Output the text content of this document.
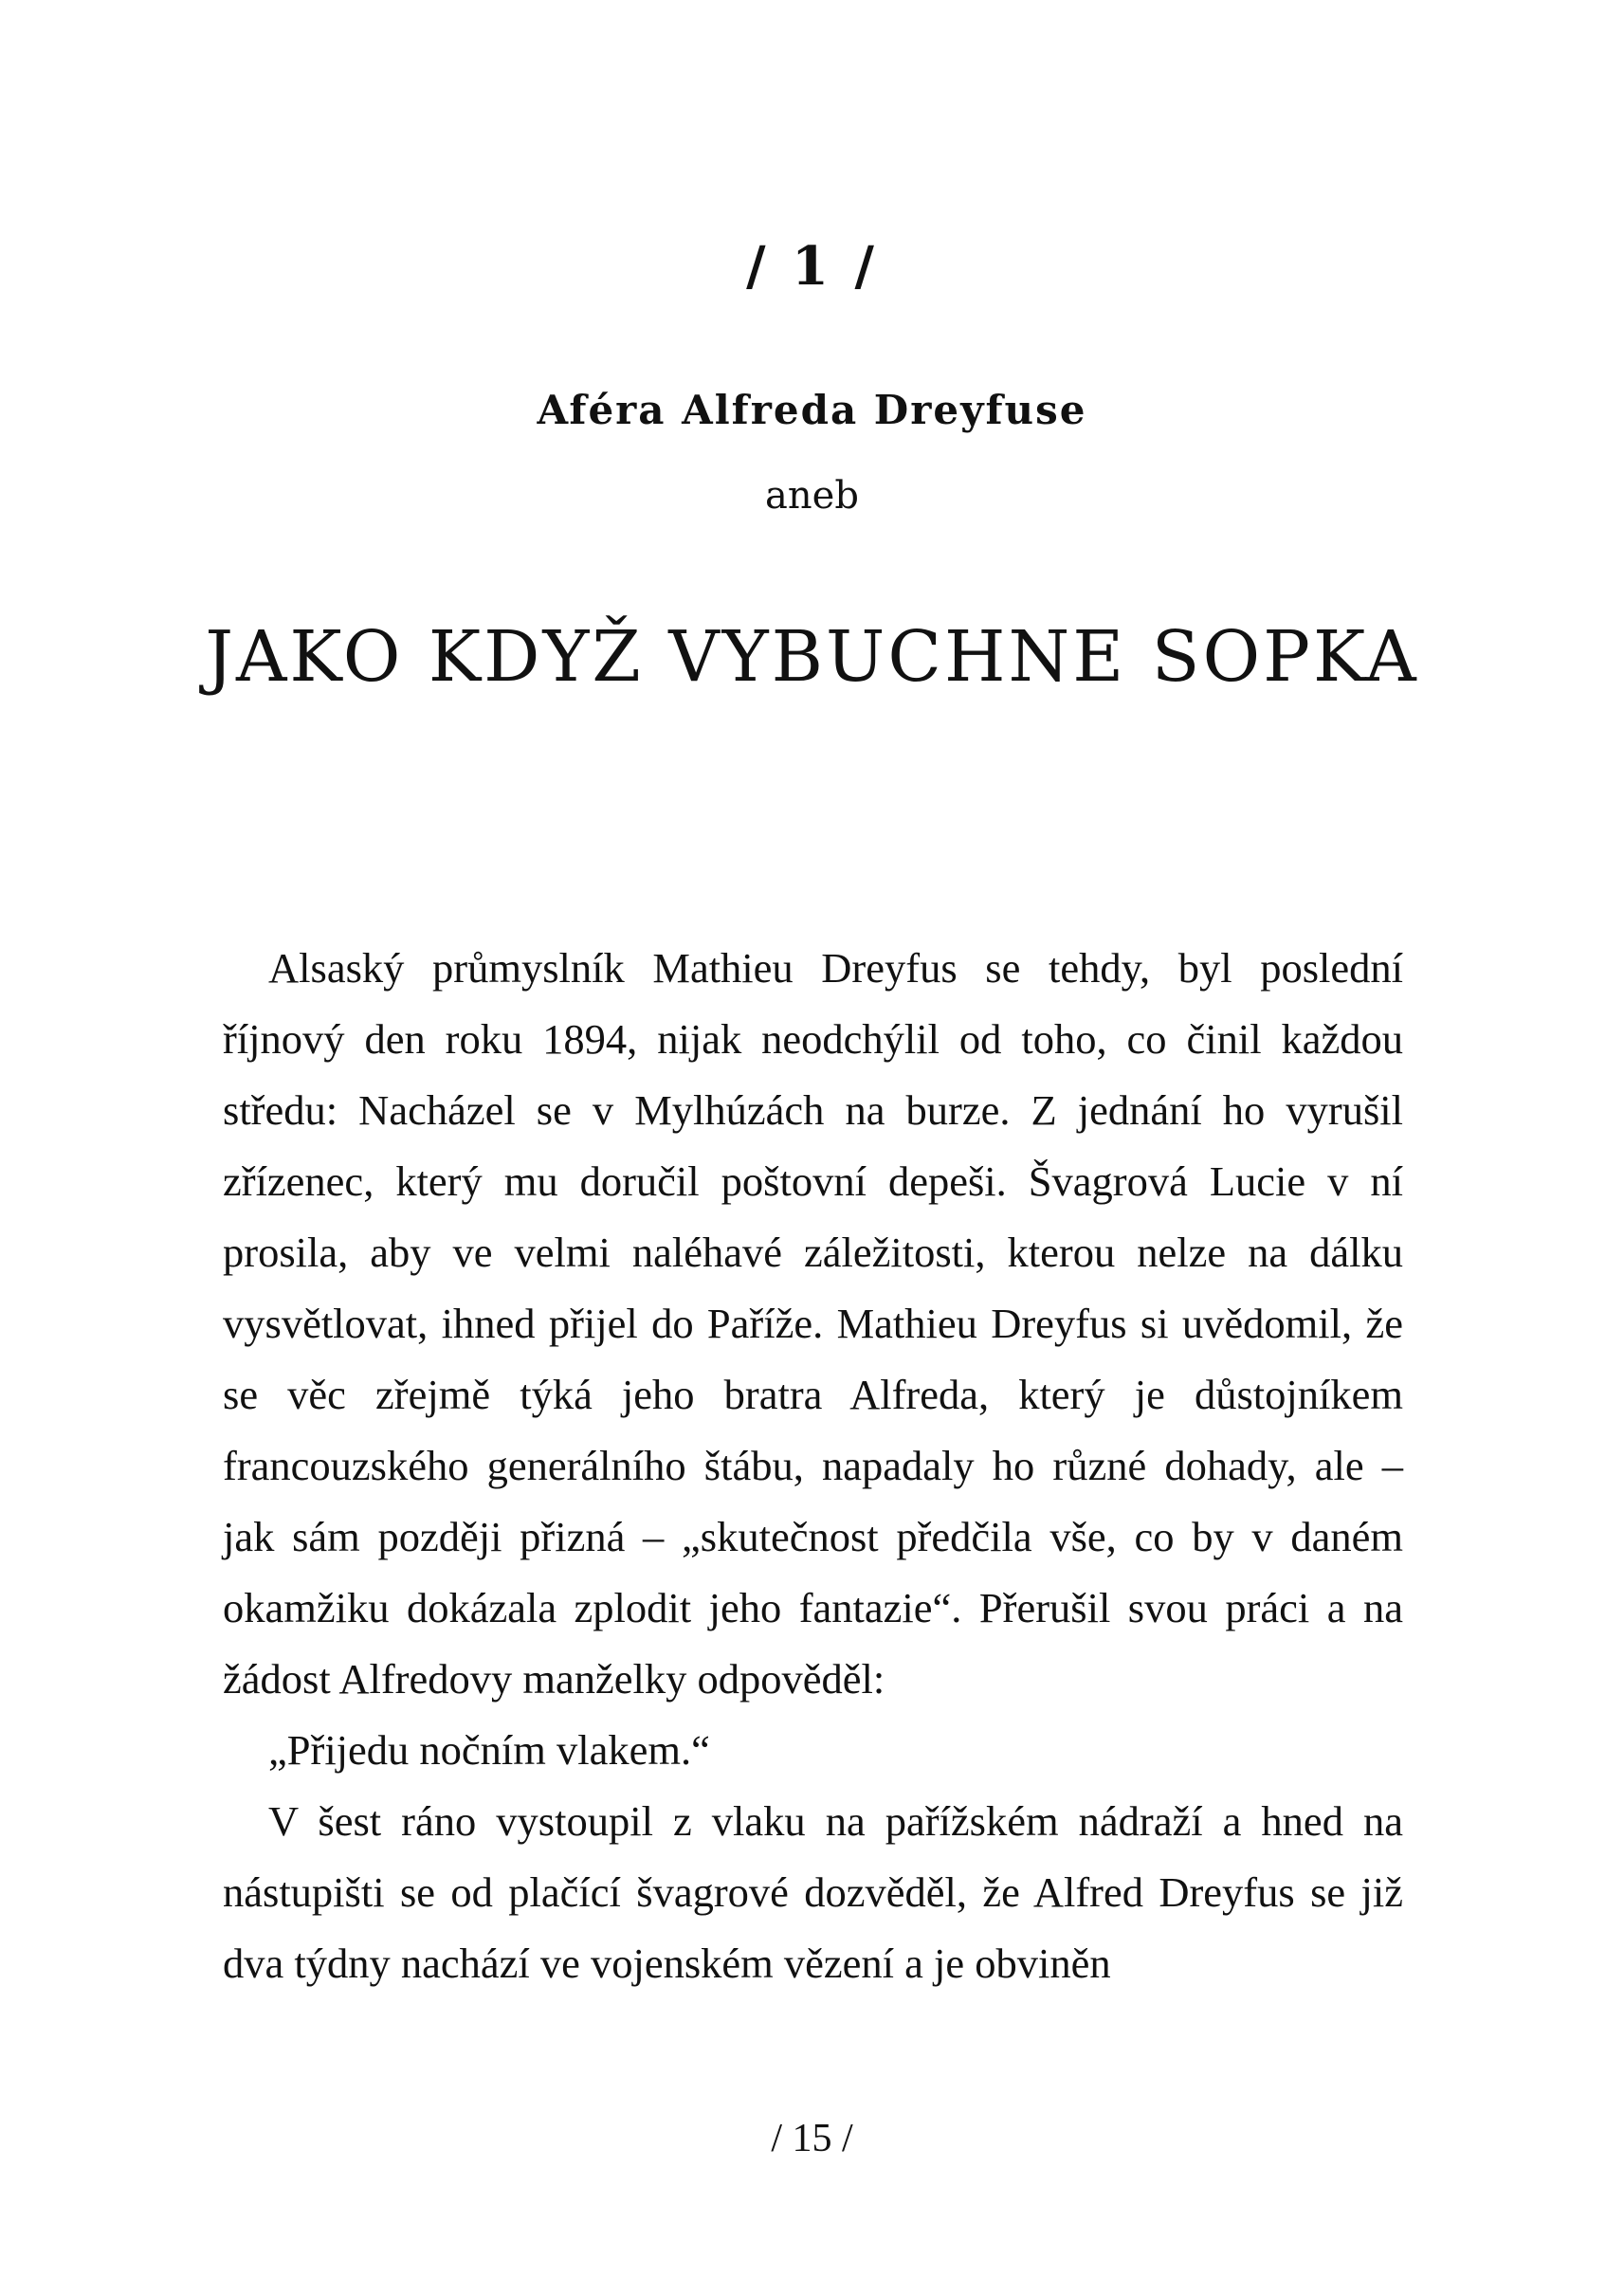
/ 1 /
Aféra Alfreda Dreyfuse
aneb
JAKO KDYŽ VYBUCHNE SOPKA

Alsaský průmyslník Mathieu Dreyfus se tehdy, byl poslední říjnový den roku 1894, nijak neodchýlil od toho, co činil každou středu: Nacházel se v Mylhúzách na burze. Z jednání ho vyrušil zřízenec, který mu doručil poštovní depeši. Švagrová Lucie v ní prosila, aby ve velmi naléhavé záležitosti, kterou nelze na dálku vysvětlovat, ihned přijel do Paříže. Mathieu Dreyfus si uvědomil, že se věc zřejmě týká jeho bratra Alfreda, který je důstojníkem francouzského generálního štábu, napadaly ho různé dohady, ale – jak sám později přizná – „skutečnost předčila vše, co by v daném okamžiku dokázala zplodit jeho fantazie“. Přerušil svou práci a na žádost Alfredovy manželky odpověděl:

„Přijedu nočním vlakem.“

V šest ráno vystoupil z vlaku na pařížském nádraží a hned na nástupišti se od plačící švagrové dozvěděl, že Alfred Dreyfus se již dva týdny nachází ve vojenském vězení a je obviněn

/ 15 /
